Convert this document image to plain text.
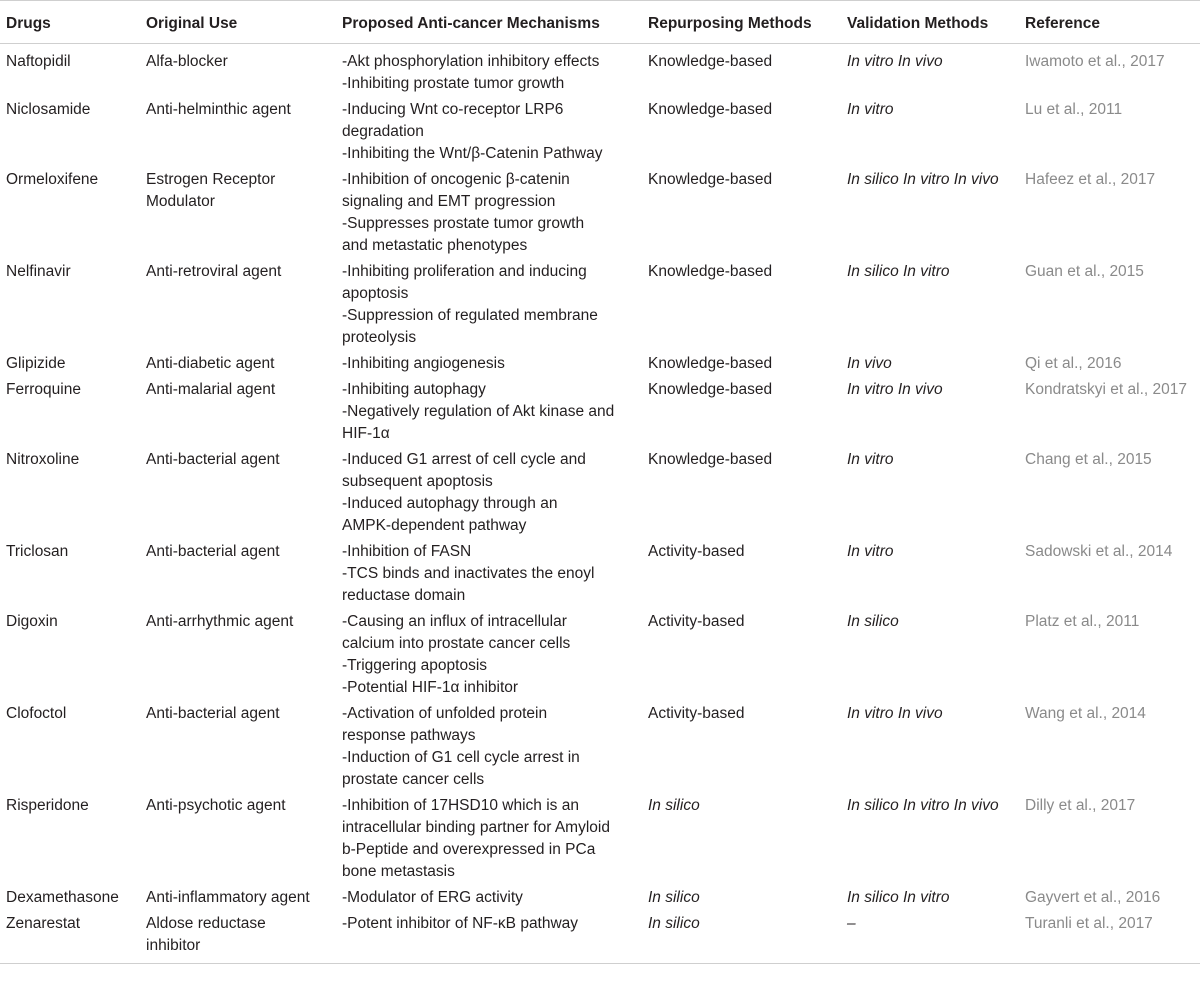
Drugs	Original Use	Proposed Anti-cancer Mechanisms	Repurposing Methods	Validation Methods	Reference
Naftopidil	Alfa-blocker	-Akt phosphorylation inhibitory effects
-Inhibiting prostate tumor growth	Knowledge-based	In vitro In vivo	Iwamoto et al., 2017
Niclosamide	Anti-helminthic agent	-Inducing Wnt co-receptor LRP6
degradation
-Inhibiting the Wnt/β-Catenin Pathway	Knowledge-based	In vitro	Lu et al., 2011
Ormeloxifene	Estrogen Receptor
Modulator	-Inhibition of oncogenic β-catenin
signaling and EMT progression
-Suppresses prostate tumor growth
and metastatic phenotypes	Knowledge-based	In silico In vitro In vivo	Hafeez et al., 2017
Nelfinavir	Anti-retroviral agent	-Inhibiting proliferation and inducing
apoptosis
-Suppression of regulated membrane
proteolysis	Knowledge-based	In silico In vitro	Guan et al., 2015
Glipizide	Anti-diabetic agent	-Inhibiting angiogenesis	Knowledge-based	In vivo	Qi et al., 2016
Ferroquine	Anti-malarial agent	-Inhibiting autophagy
-Negatively regulation of Akt kinase and
HIF-1α	Knowledge-based	In vitro In vivo	Kondratskyi et al., 2017
Nitroxoline	Anti-bacterial agent	-Induced G1 arrest of cell cycle and
subsequent apoptosis
-Induced autophagy through an
AMPK-dependent pathway	Knowledge-based	In vitro	Chang et al., 2015
Triclosan	Anti-bacterial agent	-Inhibition of FASN
-TCS binds and inactivates the enoyl
reductase domain	Activity-based	In vitro	Sadowski et al., 2014
Digoxin	Anti-arrhythmic agent	-Causing an influx of intracellular
calcium into prostate cancer cells
-Triggering apoptosis
-Potential HIF-1α inhibitor	Activity-based	In silico	Platz et al., 2011
Clofoctol	Anti-bacterial agent	-Activation of unfolded protein
response pathways
-Induction of G1 cell cycle arrest in
prostate cancer cells	Activity-based	In vitro In vivo	Wang et al., 2014
Risperidone	Anti-psychotic agent	-Inhibition of 17HSD10 which is an
intracellular binding partner for Amyloid
b-Peptide and overexpressed in PCa
bone metastasis	In silico	In silico In vitro In vivo	Dilly et al., 2017
Dexamethasone	Anti-inflammatory agent	-Modulator of ERG activity	In silico	In silico In vitro	Gayvert et al., 2016
Zenarestat	Aldose reductase
inhibitor	-Potent inhibitor of NF-κB pathway	In silico	–	Turanli et al., 2017
